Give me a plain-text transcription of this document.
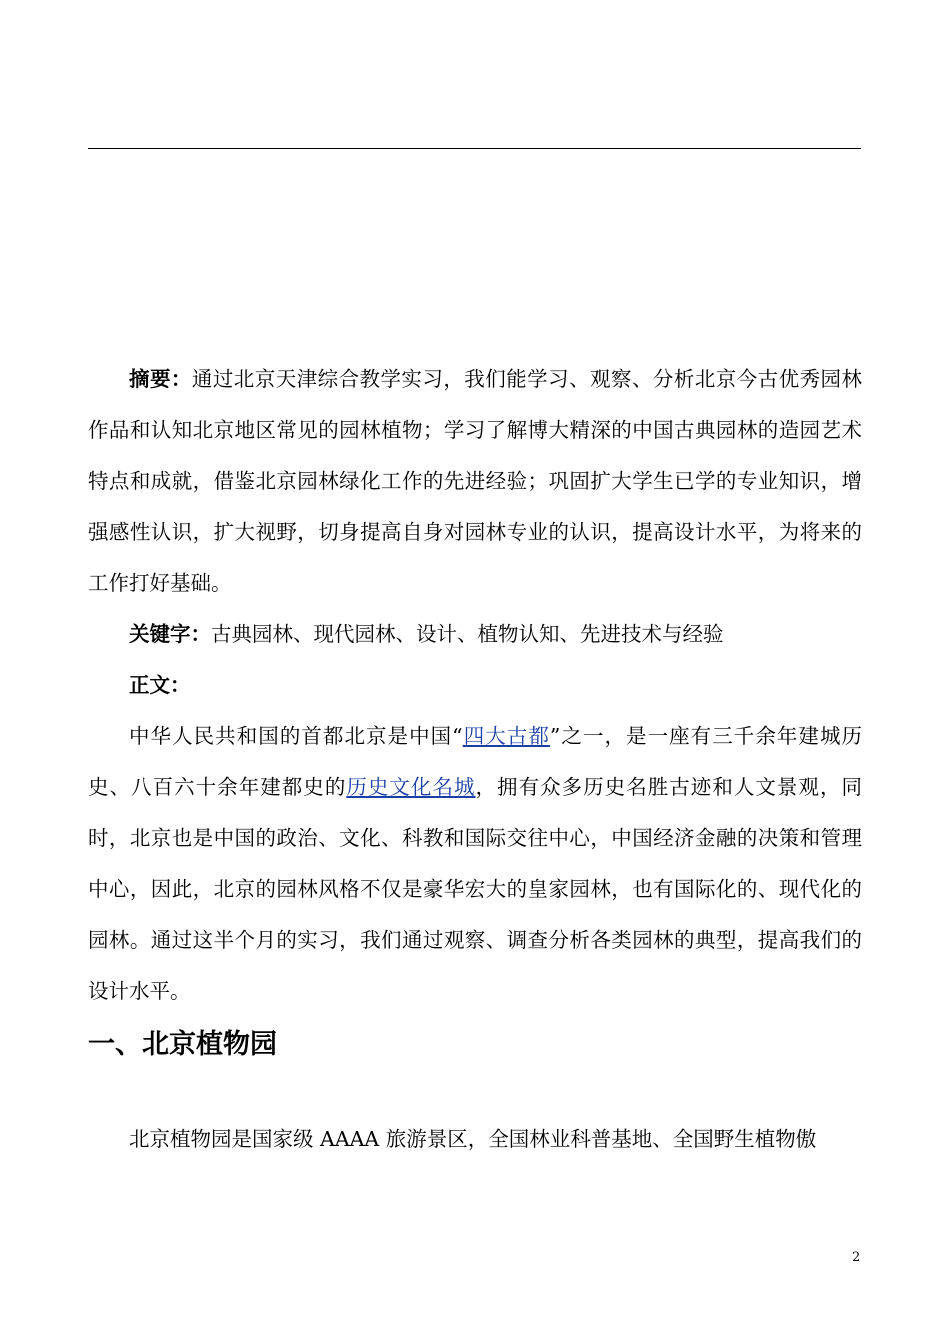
摘要：通过北京天津综合教学实习，我们能学习、观察、分析北京今古优秀园林作品和认知北京地区常见的园林植物；学习了解博大精深的中国古典园林的造园艺术特点和成就，借鉴北京园林绿化工作的先进经验；巩固扩大学生已学的专业知识，增强感性认识，扩大视野，切身提高自身对园林专业的认识，提高设计水平，为将来的工作打好基础。

关键字：古典园林、现代园林、设计、植物认知、先进技术与经验

正文：

中华人民共和国的首都北京是中国“四大古都”之一，是一座有三千余年建城历史、八百六十余年建都史的历史文化名城，拥有众多历史名胜古迹和人文景观，同时，北京也是中国的政治、文化、科教和国际交往中心，中国经济金融的决策和管理中心，因此，北京的园林风格不仅是豪华宏大的皇家园林，也有国际化的、现代化的园林。通过这半个月的实习，我们通过观察、调查分析各类园林的典型，提高我们的设计水平。

一、北京植物园

北京植物园是国家级 AAAA 旅游景区，全国林业科普基地、全国野生植物傲

2
